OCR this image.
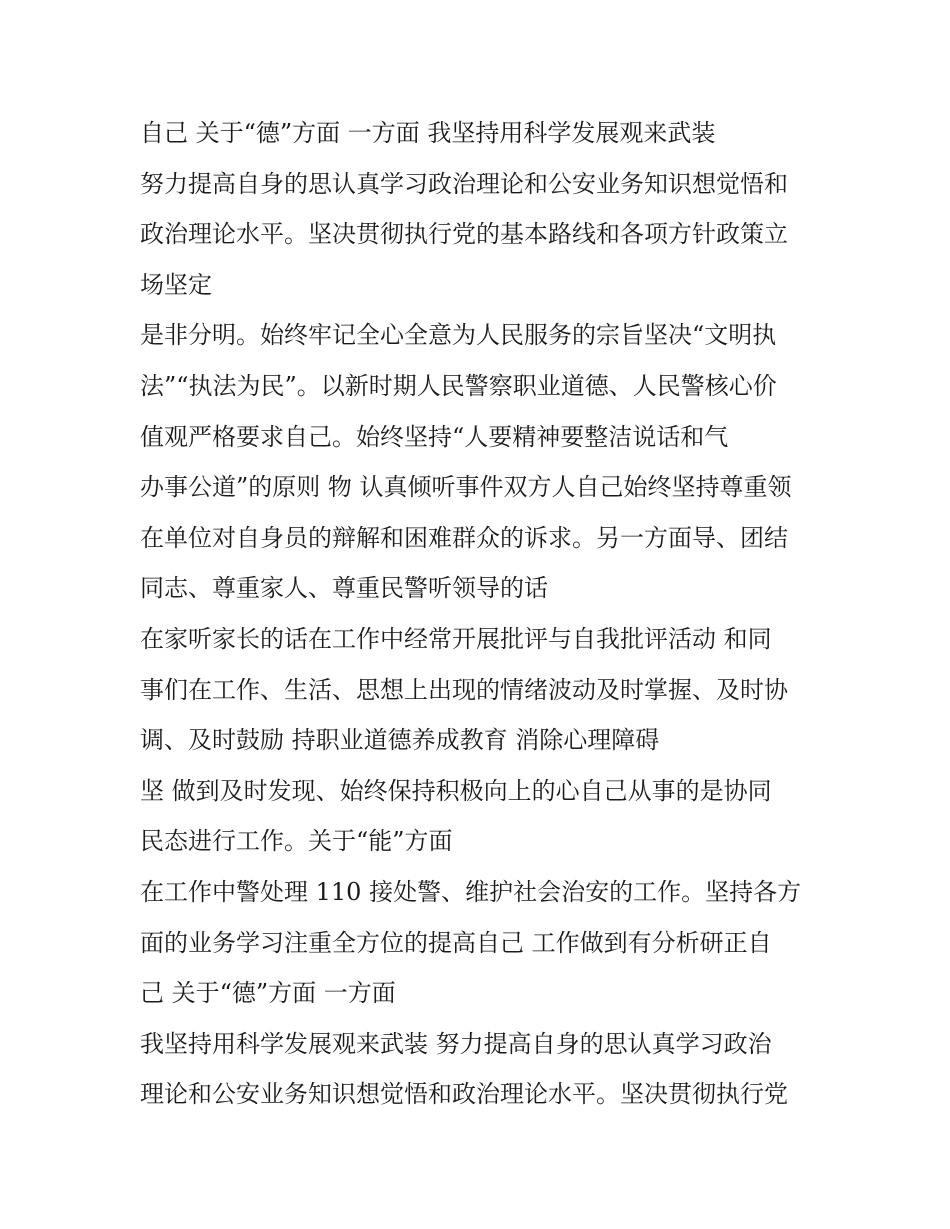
自己 关于“德”方面 一方面 我坚持用科学发展观来武装
努力提高自身的思认真学习政治理论和公安业务知识想觉悟和
政治理论水平。坚决贯彻执行党的基本路线和各项方针政策立
场坚定
是非分明。始终牢记全心全意为人民服务的宗旨坚决“文明执
法”“执法为民”。以新时期人民警察职业道德、人民警核心价
值观严格要求自己。始终坚持“人要精神要整洁说话和气
办事公道”的原则 物 认真倾听事件双方人自己始终坚持尊重领
在单位对自身员的辩解和困难群众的诉求。另一方面导、团结
同志、尊重家人、尊重民警听领导的话
在家听家长的话在工作中经常开展批评与自我批评活动 和同
事们在工作、生活、思想上出现的情绪波动及时掌握、及时协
调、及时鼓励 持职业道德养成教育 消除心理障碍
坚 做到及时发现、始终保持积极向上的心自己从事的是协同
民态进行工作。关于“能”方面
在工作中警处理 110 接处警、维护社会治安的工作。坚持各方
面的业务学习注重全方位的提高自己 工作做到有分析研正自
己 关于“德”方面 一方面
我坚持用科学发展观来武装 努力提高自身的思认真学习政治
理论和公安业务知识想觉悟和政治理论水平。坚决贯彻执行党
